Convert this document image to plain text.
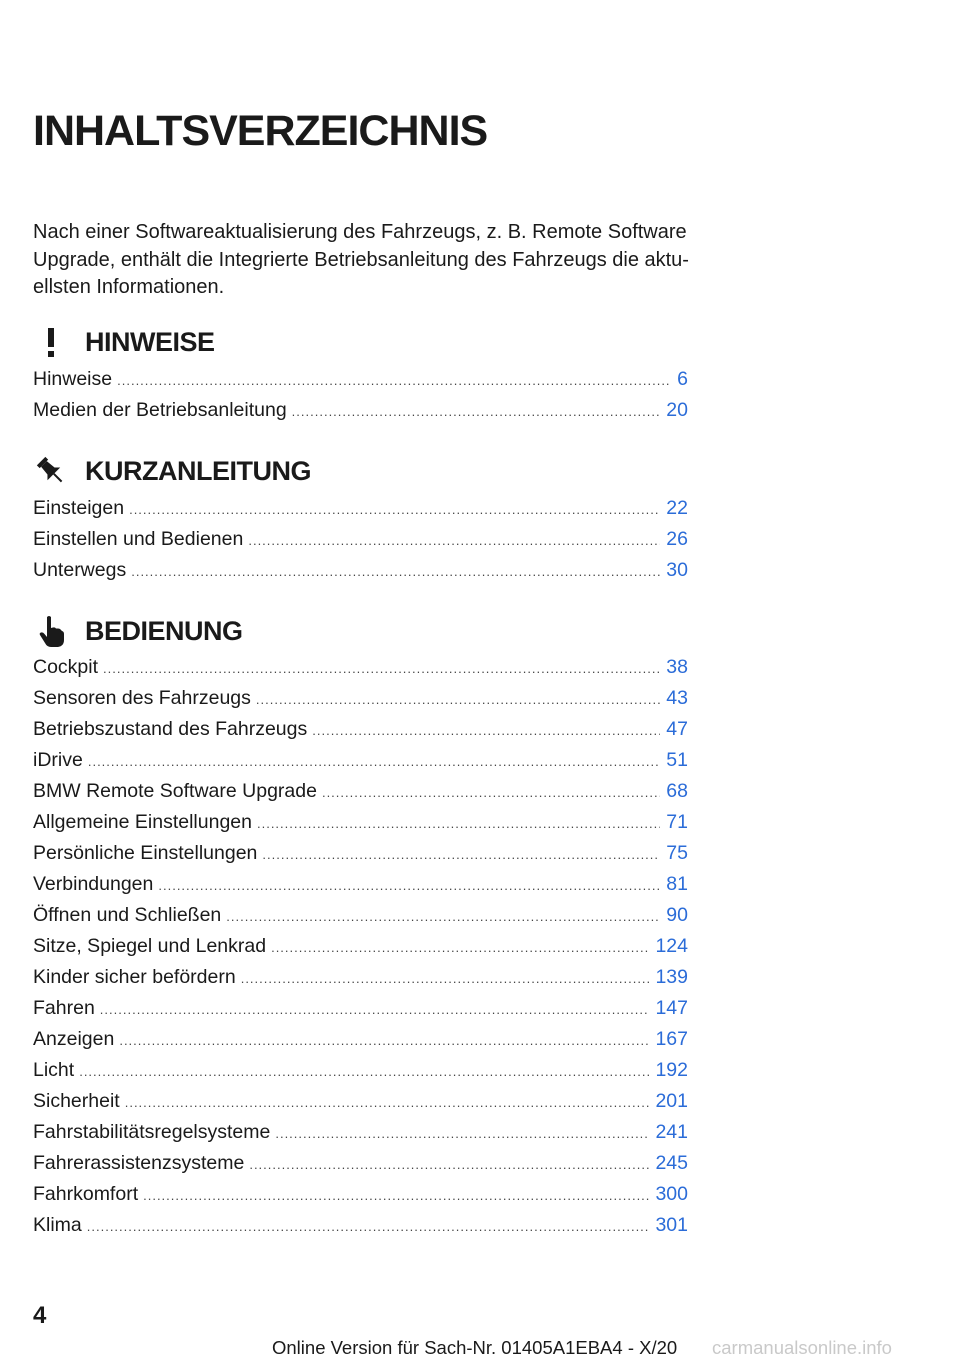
INHALTSVERZEICHNIS

Nach einer Softwareaktualisierung des Fahrzeugs, z. B. Remote Software Upgrade, enthält die Integrierte Betriebsanleitung des Fahrzeugs die aktuellsten Informationen.

HINWEISE
Hinweise .....	6
Medien der Betriebsanleitung .....	20
KURZANLEITUNG
Einsteigen .....	22
Einstellen und Bedienen .....	26
Unterwegs .....	30
BEDIENUNG
Cockpit .....	38
Sensoren des Fahrzeugs .....	43
Betriebszustand des Fahrzeugs .....	47
iDrive .....	51
BMW Remote Software Upgrade .....	68
Allgemeine Einstellungen .....	71
Persönliche Einstellungen .....	75
Verbindungen .....	81
Öffnen und Schließen .....	90
Sitze, Spiegel und Lenkrad .....	124
Kinder sicher befördern .....	139
Fahren .....	147
Anzeigen .....	167
Licht .....	192
Sicherheit .....	201
Fahrstabilitätsregelsysteme .....	241
Fahrerassistenzsysteme .....	245
Fahrkomfort .....	300
Klima .....	301
4
Online Version für Sach-Nr. 01405A1EBA4 - X/20 carmanualsonline.info
